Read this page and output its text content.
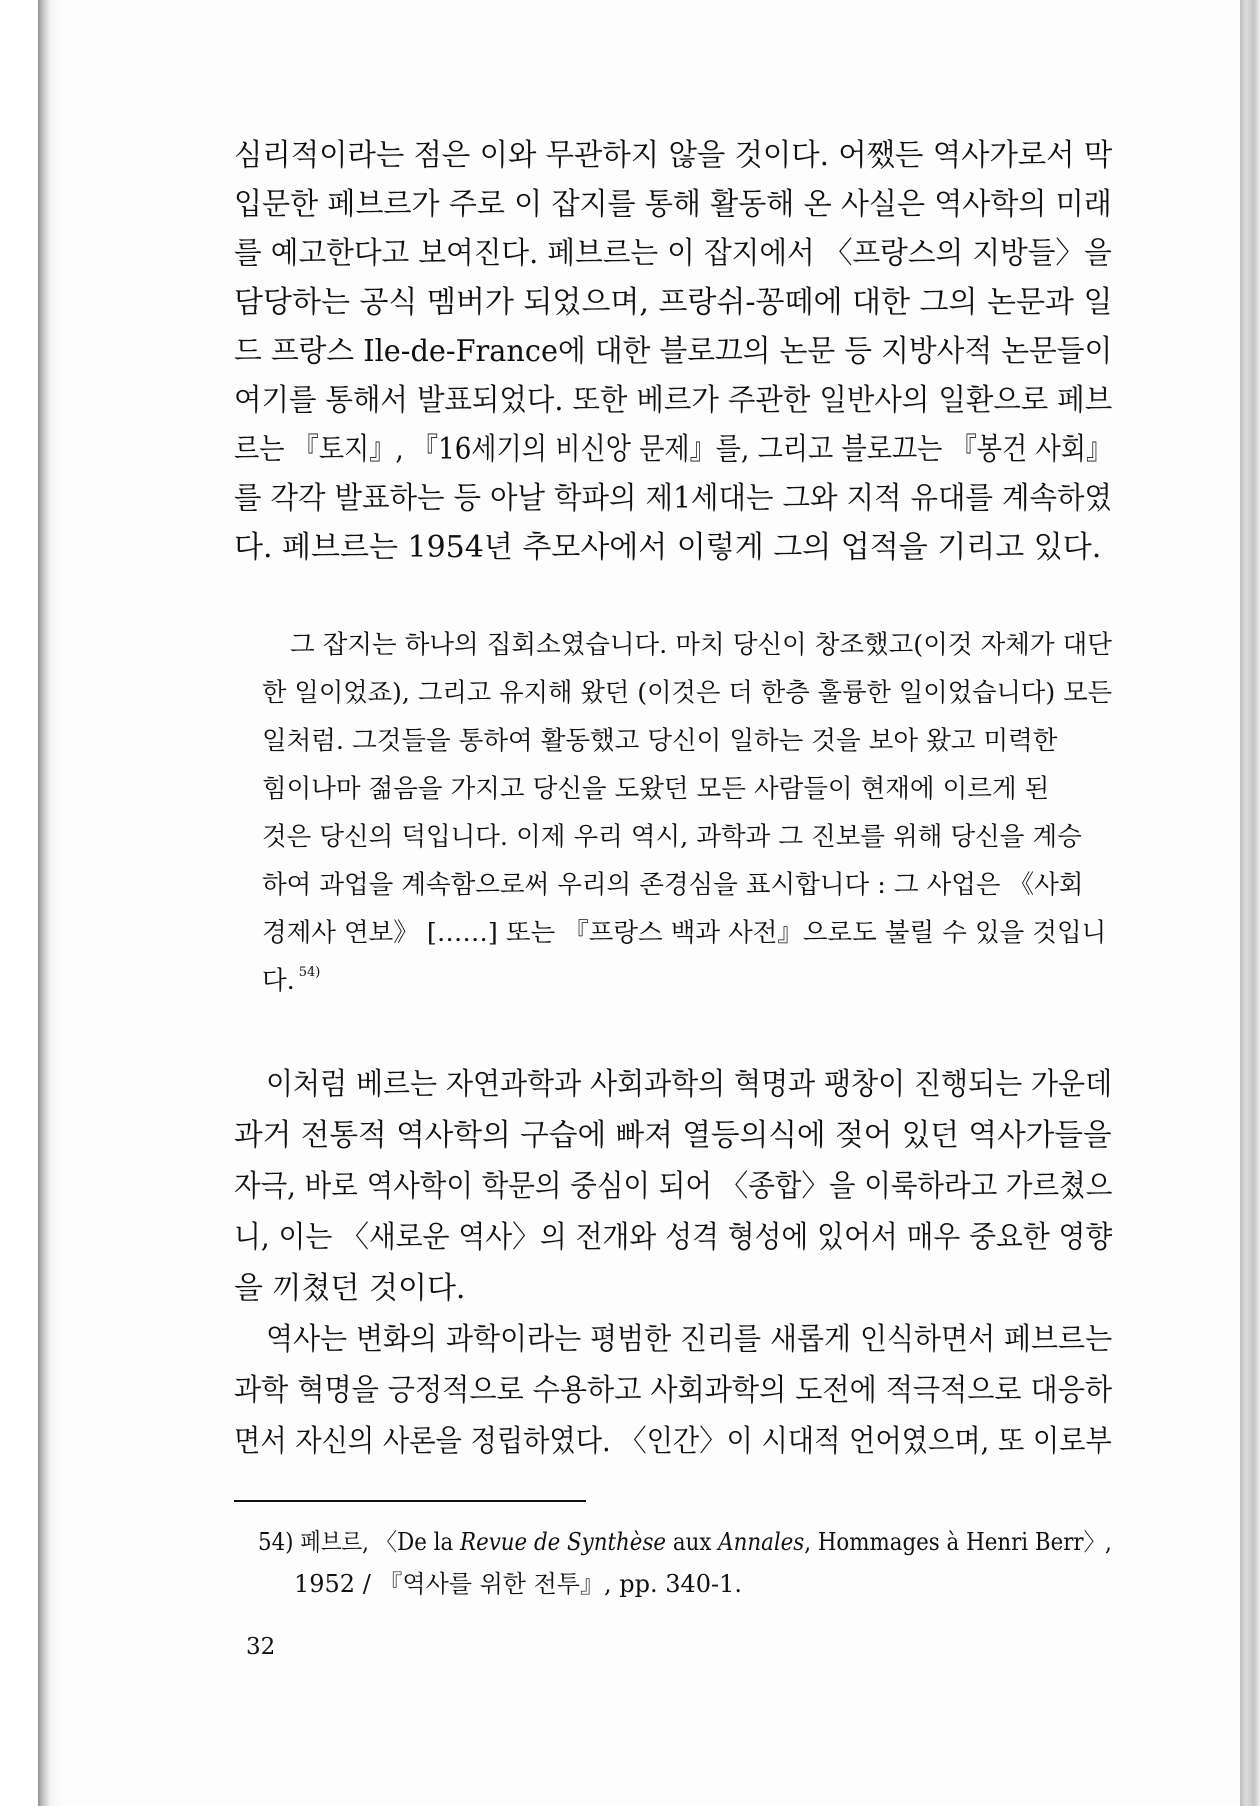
심리적이라는 점은 이와 무관하지 않을 것이다. 어쨌든 역사가로서 막

입문한 페브르가 주로 이 잡지를 통해 활동해 온 사실은 역사학의 미래

를 예고한다고 보여진다. 페브르는 이 잡지에서 〈프랑스의 지방들〉을

담당하는 공식 멤버가 되었으며, 프랑쉬-꽁떼에 대한 그의 논문과 일

드 프랑스 Ile-de-France에 대한 블로끄의 논문 등 지방사적 논문들이

여기를 통해서 발표되었다. 또한 베르가 주관한 일반사의 일환으로 페브

르는 『토지』, 『16세기의 비신앙 문제』를, 그리고 블로끄는 『봉건 사회』

를 각각 발표하는 등 아날 학파의 제1세대는 그와 지적 유대를 계속하였

다. 페브르는 1954년 추모사에서 이렇게 그의 업적을 기리고 있다.

그 잡지는 하나의 집회소였습니다. 마치 당신이 창조했고(이것 자체가 대단

한 일이었죠), 그리고 유지해 왔던 (이것은 더 한층 훌륭한 일이었습니다) 모든

일처럼. 그것들을 통하여 활동했고 당신이 일하는 것을 보아 왔고 미력한

힘이나마 젊음을 가지고 당신을 도왔던 모든 사람들이 현재에 이르게 된

것은 당신의 덕입니다. 이제 우리 역시, 과학과 그 진보를 위해 당신을 계승

하여 과업을 계속함으로써 우리의 존경심을 표시합니다 : 그 사업은 《사회

경제사 연보》 [……] 또는 『프랑스 백과 사전』으로도 불릴 수 있을 것입니

다. $^{54)}$

이처럼 베르는 자연과학과 사회과학의 혁명과 팽창이 진행되는 가운데

과거 전통적 역사학의 구습에 빠져 열등의식에 젖어 있던 역사가들을

자극, 바로 역사학이 학문의 중심이 되어 〈종합〉을 이룩하라고 가르쳤으

니, 이는 〈새로운 역사〉의 전개와 성격 형성에 있어서 매우 중요한 영향

을 끼쳤던 것이다.

역사는 변화의 과학이라는 평범한 진리를 새롭게 인식하면서 페브르는

과학 혁명을 긍정적으로 수용하고 사회과학의 도전에 적극적으로 대응하

면서 자신의 사론을 정립하였다. 〈인간〉이 시대적 언어였으며, 또 이로부

54) 페브르, 〈De la Revue de Synthèse aux Annales, Hommages à Henri Berr〉,

1952 / 『역사를 위한 전투』, pp. 340-1.

32
